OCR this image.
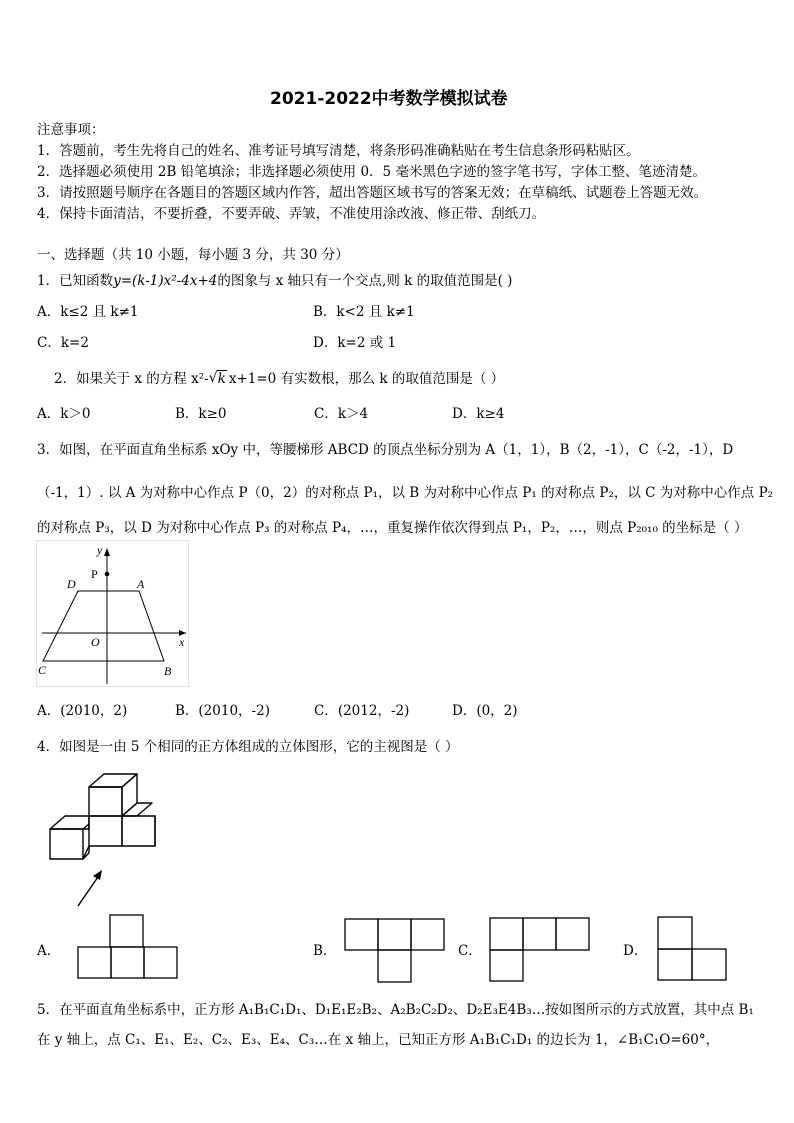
2021-2022中考数学模拟试卷
注意事项：
1．答题前，考生先将自己的姓名、准考证号填写清楚，将条形码准确粘贴在考生信息条形码粘贴区。
2．选择题必须使用 2B 铅笔填涂；非选择题必须使用 0．5 毫米黑色字迹的签字笔书写，字体工整、笔迹清楚。
3．请按照题号顺序在各题目的答题区域内作答，超出答题区域书写的答案无效；在草稿纸、试题卷上答题无效。
4．保持卡面清洁，不要折叠，不要弄破、弄皱，不准使用涂改液、修正带、刮纸刀。
一、选择题（共 10 小题，每小题 3 分，共 30 分）
1．已知函数y=(k-1)x²-4x+4的图象与 x 轴只有一个交点,则 k 的取值范围是( )
A．k≤2 且 k≠1	B．k<2 且 k≠1
C．k=2	D．k=2 或 1
2．如果关于 x 的方程 x²- √ k x+1=0 有实数根，那么 k 的取值范围是（ ）
A．k＞0	B．k≥0	C．k＞4	D．k≥4
3．如图，在平面直角坐标系 xOy 中，等腰梯形 ABCD 的顶点坐标分别为 A（1，1），B（2，-1），C（-2，-1），D
（-1，1）. 以 A 为对称中心作点 P（0，2）的对称点 P₁，以 B 为对称中心作点 P₁ 的对称点 P₂，以 C 为对称中心作点 P₂
的对称点 P₃，以 D 为对称中心作点 P₃ 的对称点 P₄，…，重复操作依次得到点 P₁，P₂，…，则点 P₂₀₁₀ 的坐标是（ ）
y
P
D	A
O	x
C	B
A．(2010，2)	B．(2010，-2)	C．(2012，-2)	D．(0，2)
4．如图是一由 5 个相同的正方体组成的立体图形，它的主视图是（ ）
A．	B．	C．	D．
5．在平面直角坐标系中，正方形 A₁B₁C₁D₁、D₁E₁E₂B₂、A₂B₂C₂D₂、D₂E₃E4B₃…按如图所示的方式放置，其中点 B₁
在 y 轴上，点 C₁、E₁、E₂、C₂、E₃、E₄、C₃…在 x 轴上，已知正方形 A₁B₁C₁D₁ 的边长为 1，∠B₁C₁O=60°，
